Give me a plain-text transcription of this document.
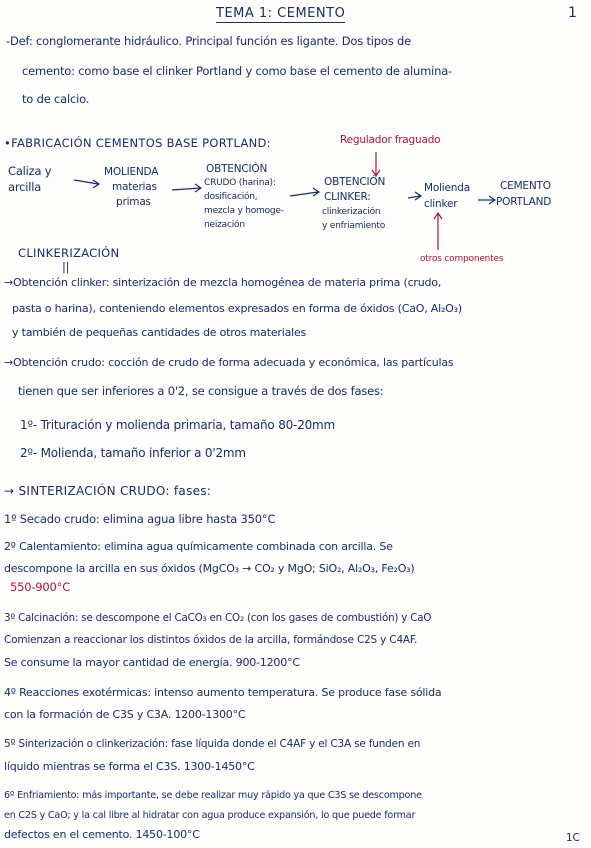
TEMA 1: CEMENTO	1
-Def: conglomerante hidráulico. Principal función es ligante. Dos tipos de
cemento: como base el clinker Portland y como base el cemento de alumina-
to de calcio.
•FABRICACIÓN CEMENTOS BASE PORTLAND:	Regulador fraguado
Caliza y
arcilla
MOLIENDA
materias
primas
OBTENCIÓN
CRUDO (harina):
dosificación,
mezcla y homoge-
neización
OBTENCIÓN
CLINKER:
clinkerización
y enfriamiento
Molienda
clinker
CEMENTO
PORTLAND
otros componentes
CLINKERIZACIÓN
||
→Obtención clinker: sinterización de mezcla homogénea de materia prima (crudo,
pasta o harina), conteniendo elementos expresados en forma de óxidos (CaO, Al₂O₃)
y también de pequeñas cantidades de otros materiales
→Obtención crudo: cocción de crudo de forma adecuada y económica, las partículas
tienen que ser inferiores a 0'2, se consigue a través de dos fases:
1º- Trituración y molienda primaria, tamaño 80-20mm
2º- Molienda, tamaño inferior a 0'2mm
→ SINTERIZACIÓN CRUDO: fases:
1º Secado crudo: elimina agua libre hasta 350°C
2º Calentamiento: elimina agua químicamente combinada con arcilla. Se
descompone la arcilla en sus óxidos (MgCO₃ → CO₂ y MgO; SiO₂, Al₂O₃, Fe₂O₃)
550-900°C
3º Calcinación: se descompone el CaCO₃ en CO₂ (con los gases de combustión) y CaO
Comienzan a reaccionar los distintos óxidos de la arcilla, formándose C2S y C4AF.
Se consume la mayor cantidad de energía. 900-1200°C
4º Reacciones exotérmicas: intenso aumento temperatura. Se produce fase sólida
con la formación de C3S y C3A. 1200-1300°C
5º Sinterización o clinkerización: fase líquida donde el C4AF y el C3A se funden en
líquido mientras se forma el C3S. 1300-1450°C
6º Enfriamiento: más importante, se debe realizar muy rápido ya que C3S se descompone
en C2S y CaO; y la cal libre al hidratar con agua produce expansión, lo que puede formar
defectos en el cemento. 1450-100°C	1C
